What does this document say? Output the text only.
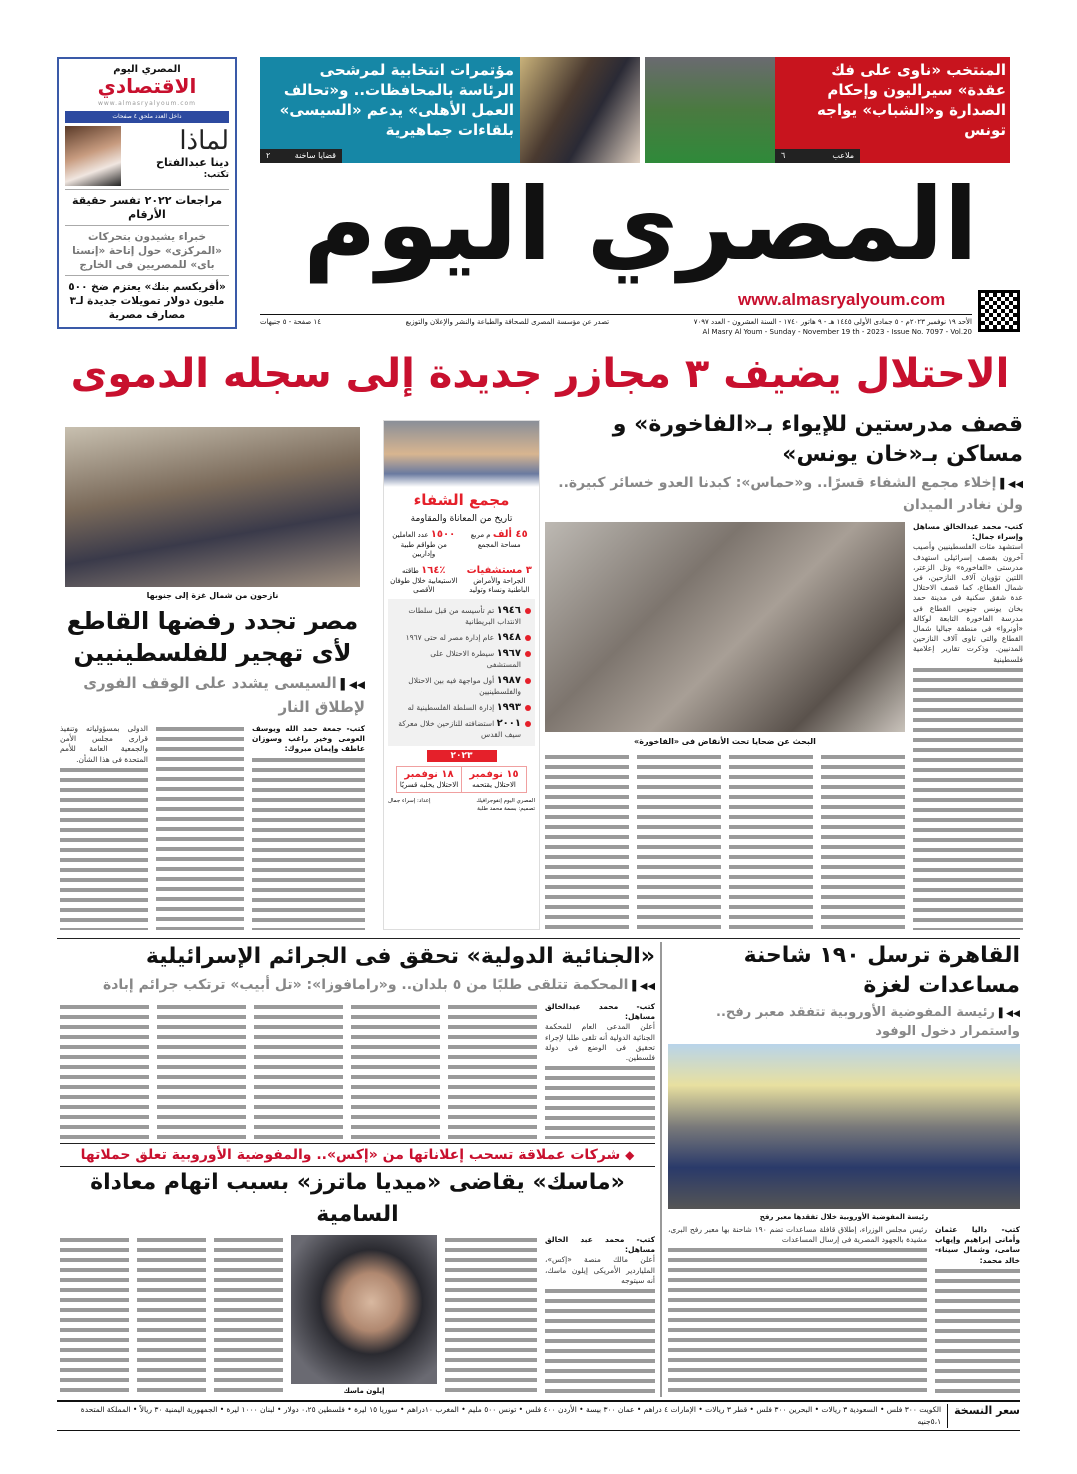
المصري اليوم
الاقتصادي
www.almasryalyoum.com
داخل العدد ملحق ٤ صفحات
لماذا
دينا عبدالفتاح
تكتب:
مراجعات ٢٠٢٢ تفسر حقيقة الأرقام
خبراء يشيدون بتحركات «المركزى» حول إتاحة «إنستا باى» للمصريين فى الخارج
«أفريكسم بنك» يعتزم ضخ ٥٠٠ مليون دولار تمويلات جديدة لـ٣ مصارف مصرية
مؤتمرات انتخابية لمرشحى الرئاسة بالمحافظات.. و«تحالف العمل الأهلى» يدعم «السيسى» بلقاءات جماهيرية
قضايا ساخنة
٢
المنتخب «ناوى على فك عقدة» سيراليون وإحكام الصدارة و«الشباب» يواجه تونس
ملاعب
٦
المصري اليوم
www.almasryalyoum.com
الأحد ١٩ نوفمبر ٢٠٢٣م - ٥ جمادى الأولى ١٤٤٥ هـ - ٩ هاتور ١٧٤٠ - السنة العشرون - العدد ٧٠٩٧
تصدر عن مؤسسة المصرى للصحافة والطباعة والنشر والإعلان والتوزيع
١٤ صفحة - ٥ جنيهات
Al Masry Al Youm - Sunday - November 19 th - 2023 - Issue No. 7097 - Vol.20
الاحتلال يضيف ٣ مجازر جديدة إلى سجله الدموى
قصف مدرستين للإيواء بـ«الفاخورة» و مساكن بـ«خان يونس»
◀◀▌ إخلاء مجمع الشفاء قسرًا.. و«حماس»: كبدنا العدو خسائر كبيرة.. ولن نغادر الميدان
كتب- محمد عبدالخالق مساهل وإسراء جمال:
استشهد مئات الفلسطينيين وأصيب آخرون بقصف إسرائيلى استهدف مدرستى «الفاخورة» وتل الزعتر، اللتين تؤويان آلاف النازحين، فى شمال القطاع، كما قصف الاحتلال عدة شقق سكنية فى مدينة حمد بخان يونس جنوبى القطاع فى مدرسة الفاخورة التابعة لوكالة «أونروا» فى منطقة جباليا شمال القطاع والتى تاوى آلاف النازحين المدنيين. وذكرت تقارير إعلامية فلسطينية
البحث عن ضحايا تحت الأنقاض فى «الفاخورة»
مجمع الشفاء
تاريخ من المعاناة والمقاومة
٤٥ ألف م مربع
مساحة المجمع
١٥٠٠ عدد العاملين
من طواقم طبية وإداريين
٣ مستشفيات
الجراحة والأمراض الباطنية ونساء وتوليد
٪١٦٤ طاقته
الاستيعابية خلال طوفان الأقصى
١٩٤٦ تم تأسيسه من قبل سلطات الانتداب البريطانية
١٩٤٨ عام إدارة مصر له حتى ١٩٦٧
١٩٦٧ سيطرة الاحتلال على المستشفى
١٩٨٧ أول مواجهة فيه بين الاحتلال والفلسطينيين
١٩٩٣ إدارة السلطة الفلسطينية له
٢٠٠١ استضافته للنازحين خلال معركة سيف القدس
٢٠٢٣
١٥ نوفمبر
الاحتلال يقتحمه
١٨ نوفمبر
الاحتلال يخليه قسريًا
المصري اليوم إنفوجرافيك
إعداد: إسراء جمال
تصميم: بسمة محمد طلبة
نازحون من شمال غزة إلى جنوبها
مصر تجدد رفضها القاطع لأى تهجير للفلسطينيين
◀◀▌ السيسى يشدد على الوقف الفورى لإطلاق النار
كتب- جمعة حمد الله ويوسف العومى وخير راغب وسوزان عاطف وإيمان مبروك:
الدولى بمسؤولياته وتنفيذ قرارى مجلس الأمن والجمعية العامة للأمم المتحدة فى هذا الشأن.
«الجنائية الدولية» تحقق فى الجرائم الإسرائيلية
◀◀▌ المحكمة تتلقى طلبًا من ٥ بلدان.. و«رامافوزا»: «تل أبيب» ترتكب جرائم إبادة
كتب- محمد عبدالخالق مساهل:
أعلن المدعى العام للمحكمة الجنائية الدولية أنه تلقى طلبا لإجراء تحقيق فى الوضع فى دولة فلسطين.
القاهرة ترسل ١٩٠ شاحنة مساعدات لغزة
◀◀▌ رئيسة المفوضية الأوروبية تتفقد معبر رفح.. واستمرار دخول الوفود
رئيسة المفوضية الأوروبية خلال تفقدها معبر رفح
كتب- داليا عثمان وأمانى إبراهيم وإيهاب سامى، وشمال سيناء- خالد محمد:
رئيس مجلس الوزراء، إطلاق قافلة مساعدات تضم ١٩٠ شاحنة بها معبر رفح البرى، مشيدة بالجهود المصرية فى إرسال المساعدات
◆ شركات عملاقة تسحب إعلاناتها من «إكس».. والمفوضية الأوروبية تعلق حملاتها
«ماسك» يقاضى «ميديا ماترز» بسبب اتهام معاداة السامية
كتب- محمد عبد الخالق مساهل:
أعلن مالك منصة «إكس»، الملياردير الأمريكى إيلون ماسك، أنه سيتوجه
إيلون ماسك
سعر النسخة
الكويت ٣٠٠ فلس • السعودية ٣ ريالات • البحرين ٣٠٠ فلس • قطر ٣ ريالات • الإمارات ٤ دراهم • عمان ٣٠٠ بيسة • الأردن ٤٠٠ فلس • تونس ٥٠٠ مليم • المغرب ١٠دراهم • سوريا ١٥ ليرة • فلسطين ٠،٢٥ دولار • لبنان ١٠٠٠ ليرة • الجمهورية اليمنية ٣٠ ريالاً • المملكة المتحدة ٥،١جنيه
